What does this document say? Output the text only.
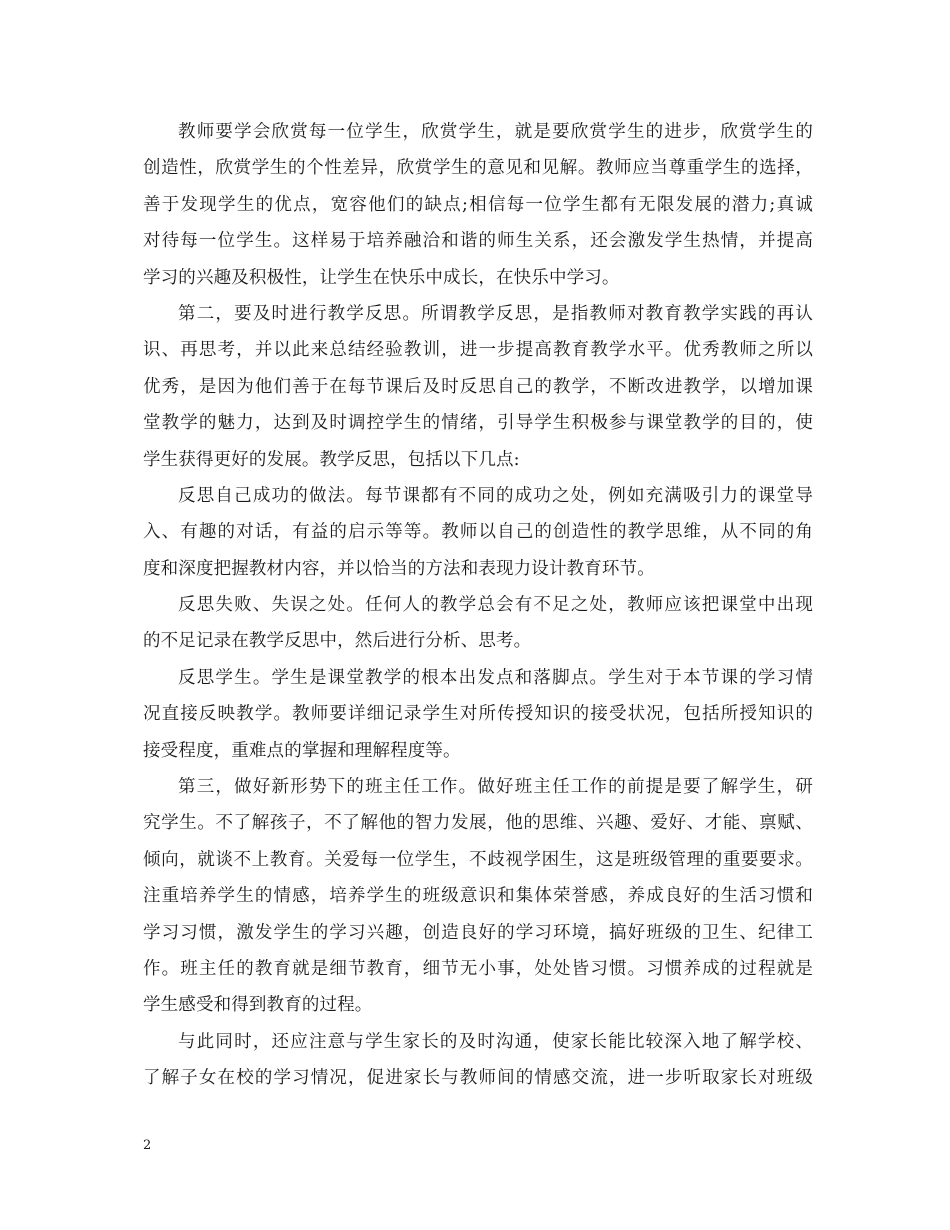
教师要学会欣赏每一位学生，欣赏学生，就是要欣赏学生的进步，欣赏学生的
创造性，欣赏学生的个性差异，欣赏学生的意见和见解。教师应当尊重学生的选择，
善于发现学生的优点，宽容他们的缺点;相信每一位学生都有无限发展的潜力;真诚
对待每一位学生。这样易于培养融洽和谐的师生关系，还会激发学生热情，并提高
学习的兴趣及积极性，让学生在快乐中成长，在快乐中学习。
第二，要及时进行教学反思。所谓教学反思，是指教师对教育教学实践的再认
识、再思考，并以此来总结经验教训，进一步提高教育教学水平。优秀教师之所以
优秀，是因为他们善于在每节课后及时反思自己的教学，不断改进教学，以增加课
堂教学的魅力，达到及时调控学生的情绪，引导学生积极参与课堂教学的目的，使
学生获得更好的发展。教学反思，包括以下几点:
反思自己成功的做法。每节课都有不同的成功之处，例如充满吸引力的课堂导
入、有趣的对话，有益的启示等等。教师以自己的创造性的教学思维，从不同的角
度和深度把握教材内容，并以恰当的方法和表现力设计教育环节。
反思失败、失误之处。任何人的教学总会有不足之处，教师应该把课堂中出现
的不足记录在教学反思中，然后进行分析、思考。
反思学生。学生是课堂教学的根本出发点和落脚点。学生对于本节课的学习情
况直接反映教学。教师要详细记录学生对所传授知识的接受状况，包括所授知识的
接受程度，重难点的掌握和理解程度等。
第三，做好新形势下的班主任工作。做好班主任工作的前提是要了解学生，研
究学生。不了解孩子，不了解他的智力发展，他的思维、兴趣、爱好、才能、禀赋、
倾向，就谈不上教育。关爱每一位学生，不歧视学困生，这是班级管理的重要要求。
注重培养学生的情感，培养学生的班级意识和集体荣誉感，养成良好的生活习惯和
学习习惯，激发学生的学习兴趣，创造良好的学习环境，搞好班级的卫生、纪律工
作。班主任的教育就是细节教育，细节无小事，处处皆习惯。习惯养成的过程就是
学生感受和得到教育的过程。
与此同时，还应注意与学生家长的及时沟通，使家长能比较深入地了解学校、
了解子女在校的学习情况，促进家长与教师间的情感交流，进一步听取家长对班级
2
